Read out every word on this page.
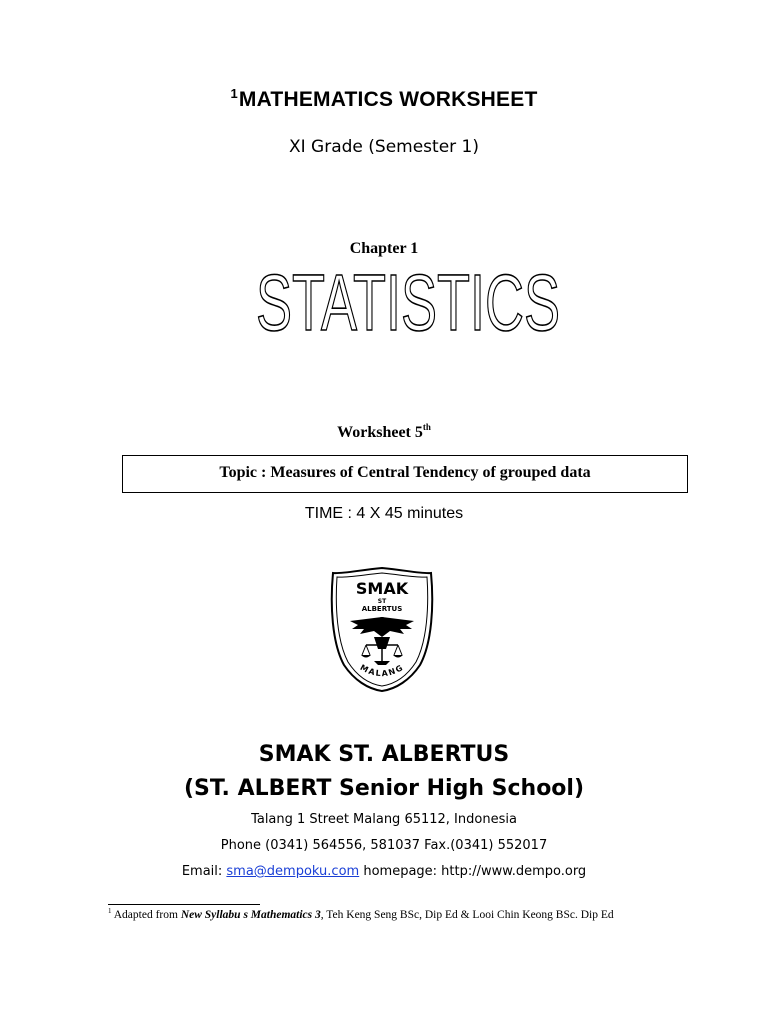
$^1$MATHEMATICS WORKSHEET
XI Grade (Semester 1)
Chapter 1
STATISTICS
Worksheet 5th
Topic : Measures of Central Tendency of grouped data
TIME : 4 X 45 minutes
SMAK
ST
ALBERTUS
MALANG
SMAK ST. ALBERTUS
(ST. ALBERT Senior High School)
Talang 1 Street Malang 65112, Indonesia
Phone (0341) 564556, 581037 Fax.(0341) 552017
Email: sma@dempoku.com homepage: http://www.dempo.org
$^1$ Adapted from New Syllabu s Mathematics 3, Teh Keng Seng BSc, Dip Ed & Looi Chin Keong BSc. Dip Ed
